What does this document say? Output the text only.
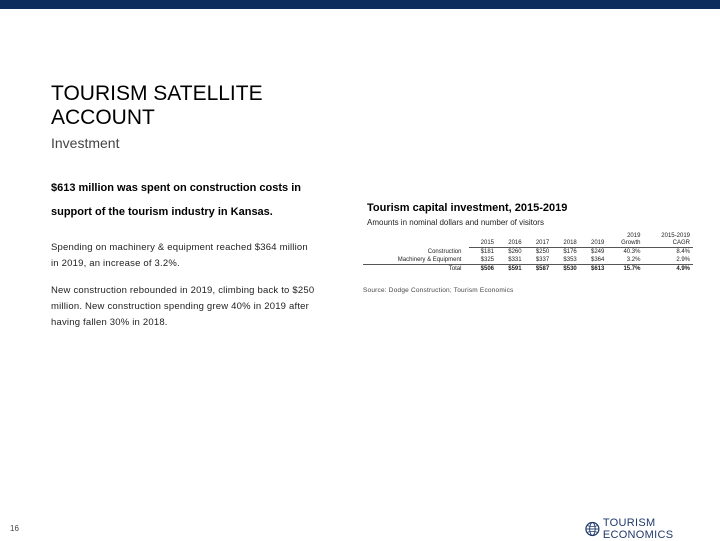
TOURISM SATELLITE
ACCOUNT
Investment
$613 million was spent on construction costs in support of the tourism industry in Kansas.
Spending on machinery & equipment reached $364 million in 2019, an increase of 3.2%.
New construction rebounded in 2019, climbing back to $250 million. New construction spending grew 40% in 2019 after having fallen 30% in 2018.
Tourism capital investment, 2015-2019
Amounts in nominal dollars and number of visitors
						2019	2015-2019
	2015	2016	2017	2018	2019	Growth	CAGR
Construction	$181	$260	$250	$176	$249	40.3%	8.4%
Machinery & Equipment	$325	$331	$337	$353	$364	3.2%	2.9%
Total	$506	$591	$587	$530	$613	15.7%	4.9%
Source: Dodge Construction; Tourism Economics
16	TOURISM ECONOMICS
